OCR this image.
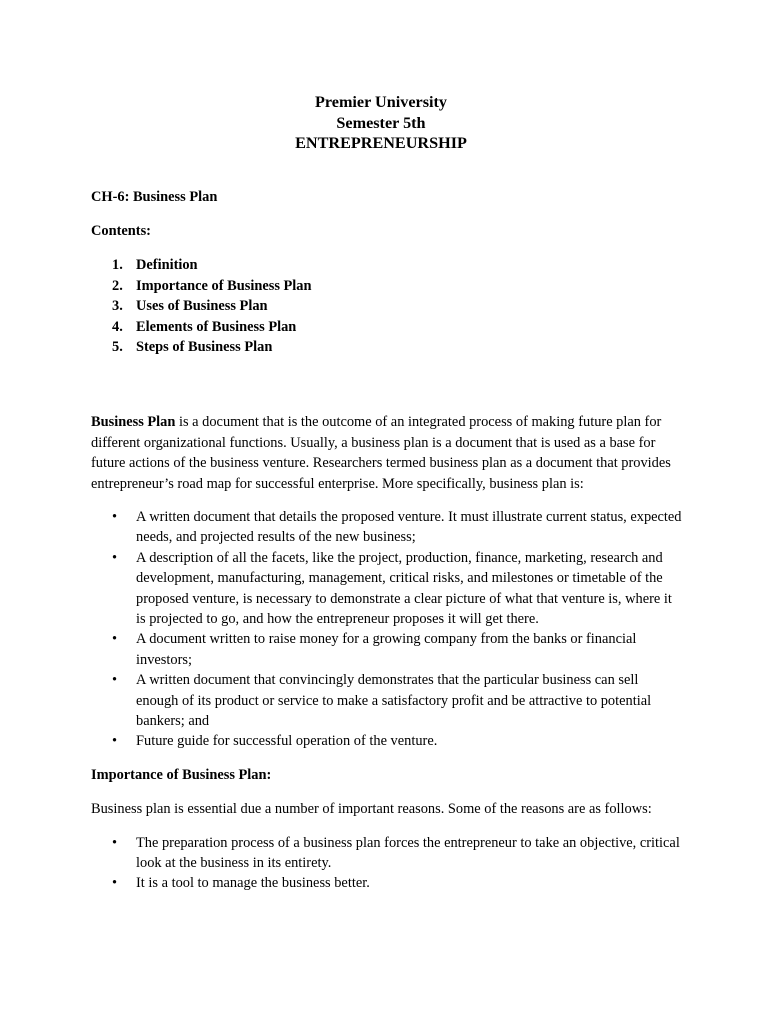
Premier University
Semester 5th
ENTREPRENEURSHIP
CH-6: Business Plan
Contents:
1. Definition
2. Importance of Business Plan
3. Uses of Business Plan
4. Elements of Business Plan
5. Steps of Business Plan

Business Plan is a document that is the outcome of an integrated process of making future plan for different organizational functions. Usually, a business plan is a document that is used as a base for future actions of the business venture. Researchers termed business plan as a document that provides entrepreneur’s road map for successful enterprise. More specifically, business plan is:

• A written document that details the proposed venture. It must illustrate current status, expected needs, and projected results of the new business;
• A description of all the facets, like the project, production, finance, marketing, research and development, manufacturing, management, critical risks, and milestones or timetable of the proposed venture, is necessary to demonstrate a clear picture of what that venture is, where it is projected to go, and how the entrepreneur proposes it will get there.
• A document written to raise money for a growing company from the banks or financial investors;
• A written document that convincingly demonstrates that the particular business can sell enough of its product or service to make a satisfactory profit and be attractive to potential bankers; and
• Future guide for successful operation of the venture.
Importance of Business Plan:

Business plan is essential due a number of important reasons. Some of the reasons are as follows:

• The preparation process of a business plan forces the entrepreneur to take an objective, critical look at the business in its entirety.
• It is a tool to manage the business better.
